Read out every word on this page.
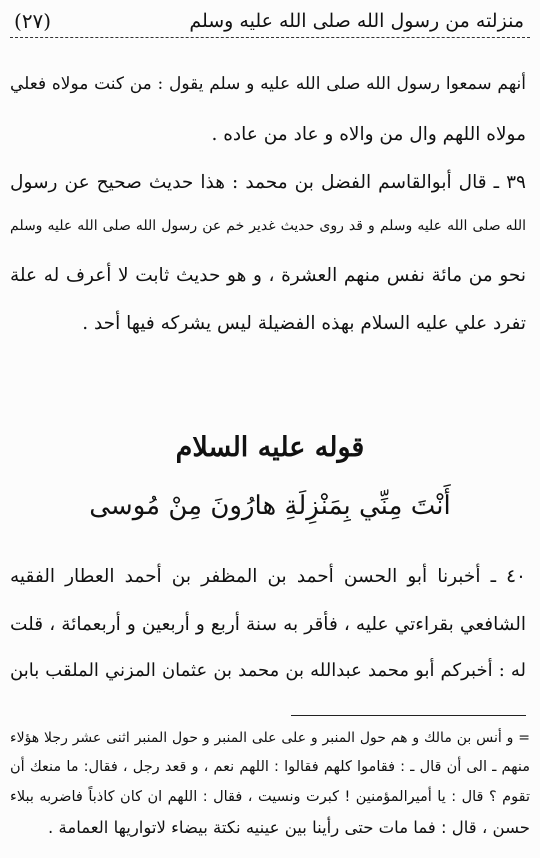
منزلته من رسول الله صلى الله عليه وسلم
(٢٧)
أنهم سمعوا رسول الله صلى الله عليه و سلم يقول : من كنت مولاه فعلي
مولاه اللهم وال من والاه و عاد من عاده .
٣٩ ـ قال أبوالقاسم الفضل بن محمد : هذا حديث صحيح عن رسول
الله صلى الله عليه وسلم و قد روى حديث غدير خم عن رسول الله صلى الله عليه وسلم
نحو من مائة نفس منهم العشرة ، و هو حديث ثابت لا أعرف له علة
تفرد علي عليه السلام بهذه الفضيلة ليس يشركه فيها أحد .
قوله عليه السلام
أَنْتَ مِنِّي بِمَنْزِلَةِ هارُونَ مِنْ مُوسى
٤٠ ـ أخبرنا أبو الحسن أحمد بن المظفر بن أحمد العطار الفقيه
الشافعي بقراءتي عليه ، فأقر به سنة أربع و أربعين و أربعمائة ، قلت
له : أخبركم أبو محمد عبدالله بن محمد بن عثمان المزني الملقب بابن
= و أنس بن مالك و هم حول المنبر و على على المنبر و حول المنبر اثنى عشر رجلا هؤلاء
منهم ـ الى أن قال ـ : فقاموا كلهم فقالوا : اللهم نعم ، و قعد رجل ، فقال: ما منعك أن
تقوم ؟ قال : يا أميرالمؤمنين ! كبرت ونسيت ، فقال : اللهم ان كان كاذباً فاضربه ببلاء
حسن ، قال : فما مات حتى رأينا بين عينيه نكتة بيضاء لاتواريها العمامة .
